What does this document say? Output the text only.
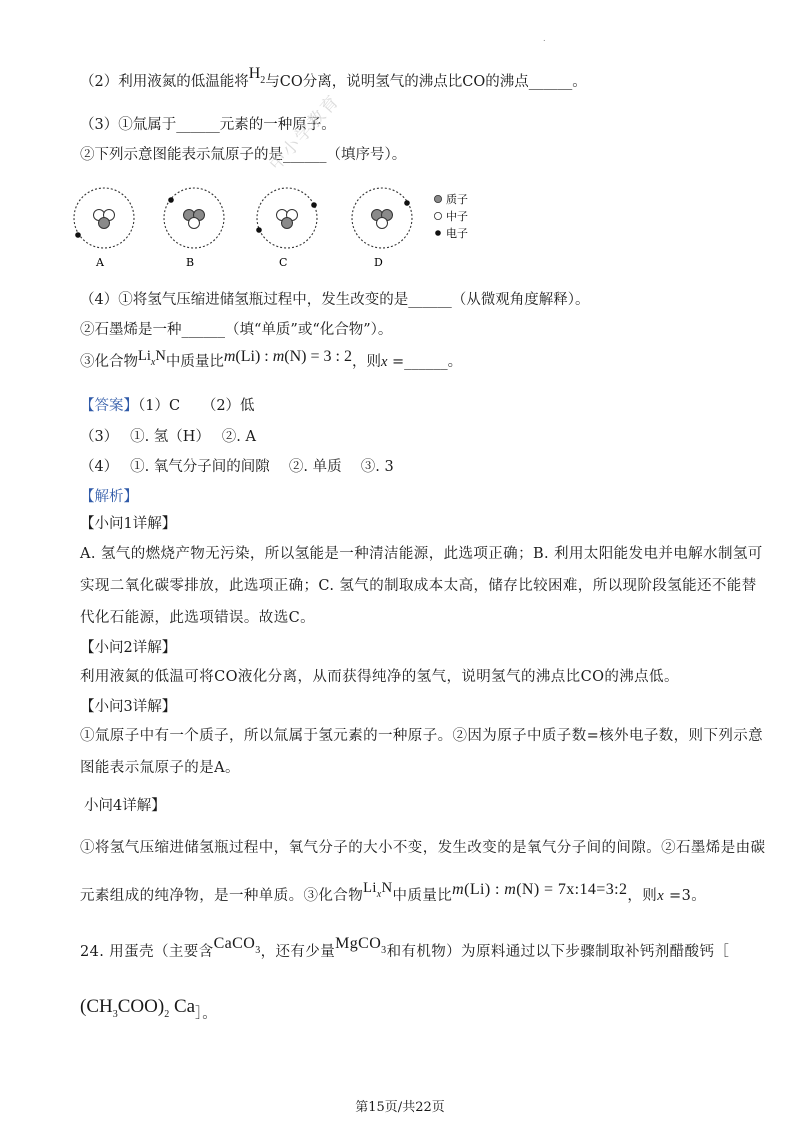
.
（2）利用液氮的低温能将$H_2$与CO分离，说明氢气的沸点比CO的沸点______。
（3）①氚属于______元素的一种原子。
②下列示意图能表示氚原子的是______（填序号）。
中小学教育
A	B	C	D
质子
中子
电子
（4）①将氢气压缩进储氢瓶过程中，发生改变的是______（从微观角度解释）。
②石墨烯是一种______（填“单质”或“化合物”）。
③化合物$Li_xN$中质量比m(Li) : m(N) = 3 : 2，则x =______。
【答案】（1）C　　（2）低
（3）　 ①. 氢（H）　 ②. A
（4）　 ①. 氧气分子间的间隙　 ②. 单质　 ③. 3
【解析】
【小问1详解】
A. 氢气的燃烧产物无污染，所以氢能是一种清洁能源，此选项正确；B. 利用太阳能发电并电解水制氢可
实现二氧化碳零排放，此选项正确；C. 氢气的制取成本太高，储存比较困难，所以现阶段氢能还不能替
代化石能源，此选项错误。故选C。
【小问2详解】
利用液氮的低温可将CO液化分离，从而获得纯净的氢气，说明氢气的沸点比CO的沸点低。
【小问3详解】
①氚原子中有一个质子，所以氚属于氢元素的一种原子。②因为原子中质子数=核外电子数，则下列示意
图能表示氚原子的是A。
小问4详解】
①将氢气压缩进储氢瓶过程中，氧气分子的大小不变，发生改变的是氧气分子间的间隙。②石墨烯是由碳
元素组成的纯净物，是一种单质。③化合物$Li_xN$中质量比m(Li) : m(N) = 7x:14=3:2，则x =3。
24. 用蛋壳（主要含CaCO$_3$，还有少量MgCO$_3$和有机物）为原料通过以下步骤制取补钙剂醋酸钙［
$(CH_3COO)_2$ Ca］。
第15页/共22页
